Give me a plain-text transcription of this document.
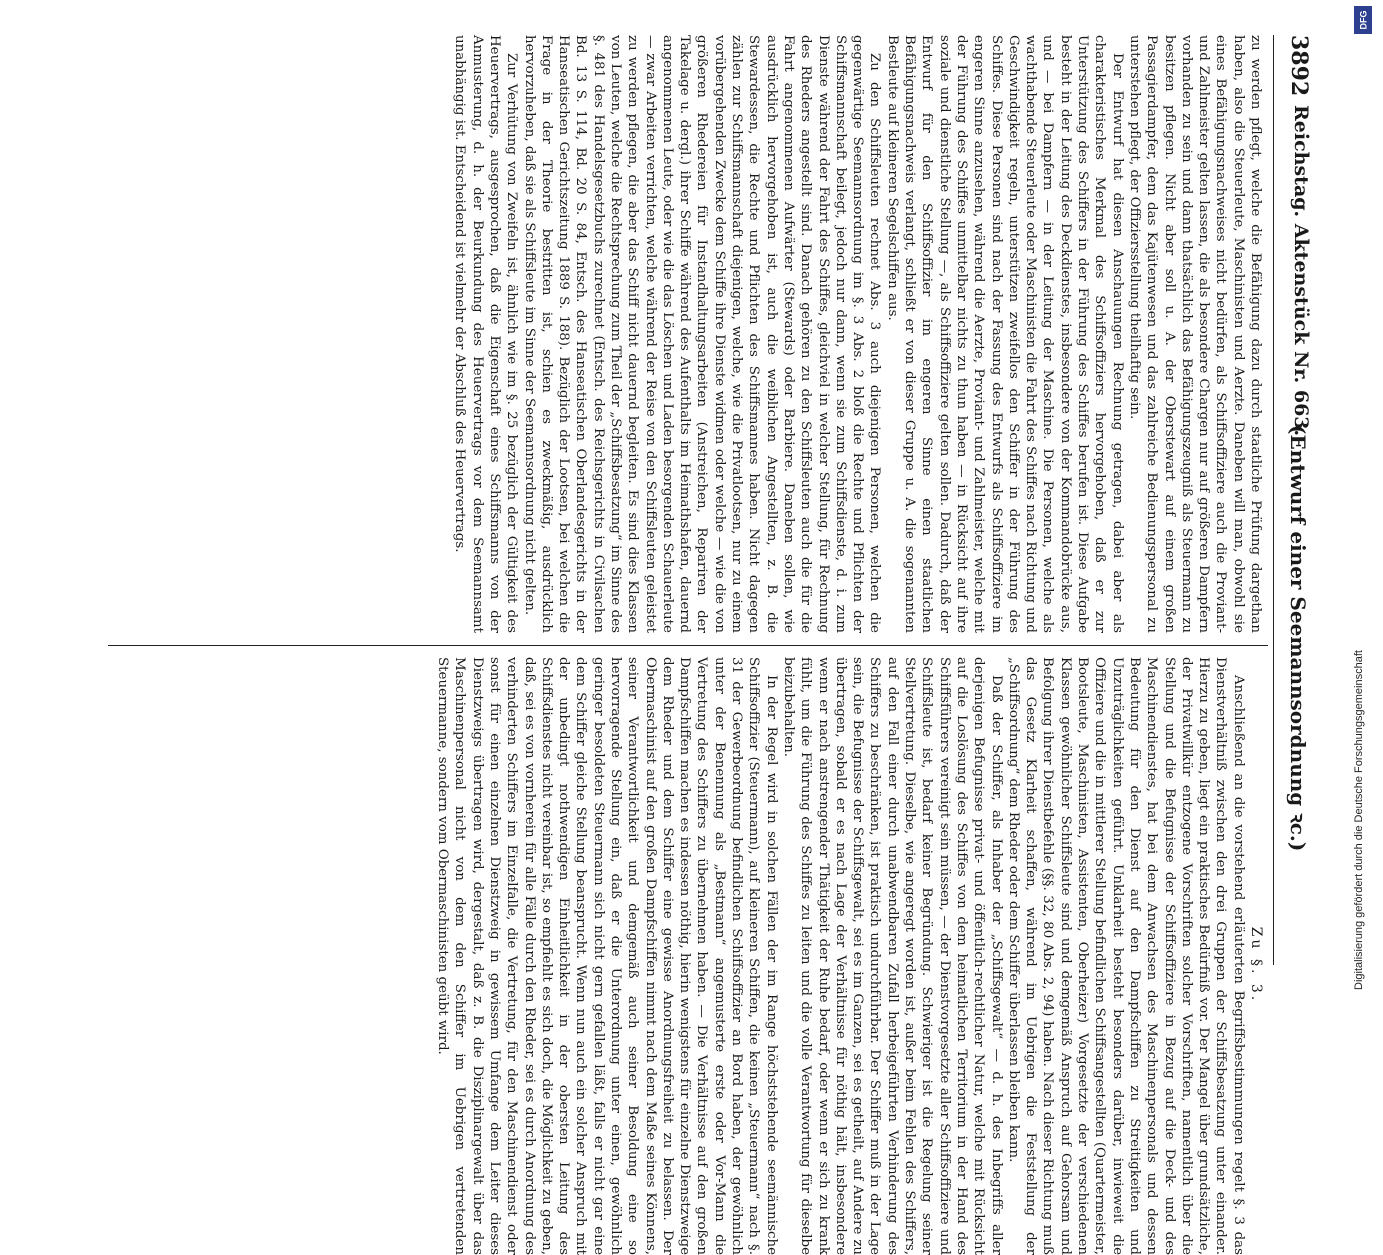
3892
Reichstag. Aktenstück Nr. 663.
(Entwurf einer Seemannsordnung ꝛc.)

zu werden pflegt, welche die Befähigung dazu durch staatliche Prüfung dargethan haben, also die Steuerleute, Maschinisten und Aerzte. Daneben will man, obwohl sie eines Befähigungsnachweises nicht bedürfen, als Schiffsoffiziere auch die Proviant- und Zahlmeister gelten lassen, die als besondere Chargen nur auf größeren Dampfern vorhanden zu sein und dann thatsächlich das Befähigungszeugniß als Steuermann zu besitzen pflegen. Nicht aber soll u. A. der Oberstewart auf einem großen Passagierdampfer, dem das Kajütenwesen und das zahlreiche Bedienungspersonal zu unterstehen pflegt, der Offiziersstellung theilhaftig sein.

Der Entwurf hat diesen Anschauungen Rechnung getragen, dabei aber als charakteristisches Merkmal des Schiffsoffiziers hervorgehoben, daß er zur Unterstützung des Schiffers in der Führung des Schiffes berufen ist. Diese Aufgabe besteht in der Leitung des Deckdienstes, insbesondere von der Kommandobrücke aus, und — bei Dampfern — in der Leitung der Maschine. Die Personen, welche als wachthabende Steuerleute oder Maschinisten die Fahrt des Schiffes nach Richtung und Geschwindigkeit regeln, unterstützen zweifellos den Schiffer in der Führung des Schiffes. Diese Personen sind nach der Fassung des Entwurfs als Schiffsoffiziere im engeren Sinne anzusehen, während die Aerzte, Proviant- und Zahlmeister, welche mit der Führung des Schiffes unmittelbar nichts zu thun haben — in Rücksicht auf ihre soziale und dienstliche Stellung —, als Schiffsoffiziere gelten sollen. Dadurch, daß der Entwurf für den Schiffsoffizier im engeren Sinne einen staatlichen Befähigungsnachweis verlangt, schließt er von dieser Gruppe u. A. die sogenannten Bestleute auf kleineren Segelschiffen aus.

Zu den Schiffsleuten rechnet Abs. 3 auch diejenigen Personen, welchen die gegenwärtige Seemannsordnung im §. 3 Abs. 2 bloß die Rechte und Pflichten der Schiffsmannschaft beilegt, jedoch nur dann, wenn sie zum Schiffsdienste, d. i. zum Dienste während der Fahrt des Schiffes, gleichviel in welcher Stellung, für Rechnung des Rheders angestellt sind. Danach gehören zu den Schiffsleuten auch die für die Fahrt angenommenen Aufwärter (Stewards) oder Barbiere. Daneben sollen, wie ausdrücklich hervorgehoben ist, auch die weiblichen Angestellten, z. B. die Stewardessen, die Rechte und Pflichten des Schiffsmannes haben. Nicht dagegen zählen zur Schiffsmannschaft diejenigen, welche, wie die Privatlootsen, nur zu einem vorübergehenden Zwecke dem Schiffe ihre Dienste widmen oder welche — wie die von größeren Rhedereien für Instandhaltungsarbeiten (Anstreichen, Repariren der Takelage u. dergl.) ihrer Schiffe während des Aufenthalts im Heimathshafen, dauernd angenommenen Leute, oder wie die das Löschen und Laden besorgenden Schauerleute — zwar Arbeiten verrichten, welche während der Reise von den Schiffsleuten geleistet zu werden pflegen, die aber das Schiff nicht dauernd begleiten. Es sind dies Klassen von Leuten, welche die Rechtsprechung zum Theil der „Schiffsbesatzung“ im Sinne des §. 481 des Handelsgesetzbuchs zurechnet (Entsch. des Reichsgerichts in Civilsachen Bd. 13 S. 114, Bd. 20 S. 84, Entsch. des Hanseatischen Oberlandesgerichts in der Hanseatischen Gerichtszeitung 1889 S. 188). Bezüglich der Lootsen, bei welchen die Frage in der Theorie bestritten ist, schien es zweckmäßig, ausdrücklich hervorzuheben, daß sie als Schiffsleute im Sinne der Seemannsordnung nicht gelten.

Zur Verhütung von Zweifeln ist, ähnlich wie im §. 25 bezüglich der Gültigkeit des Heuervertrags, ausgesprochen, daß die Eigenschaft eines Schiffsmanns von der Anmusterung, d. h. der Beurkundung des Heuervertrags vor dem Seemannsamt unabhängig ist. Entscheidend ist vielmehr der Abschluß des Heuervertrags.

Zu §. 3.

Anschließend an die vorstehend erläuterten Begriffsbestimmungen regelt §. 3 das Dienstverhältniß zwischen den drei Gruppen der Schiffsbesatzung unter einander. Hierzu zu geben, liegt ein praktisches Bedürfniß vor. Der Mangel über grundsätzliche, der Privatwillkür entzogene Vorschriften solcher Vorschriften, namentlich über die Stellung und die Befugnisse der Schiffsoffiziere in Bezug auf die Deck- und des Maschinendienstes, hat bei dem Anwachsen des Maschinenpersonals und dessen Bedeutung für den Dienst auf den Dampfschiffen zu Streitigkeiten und Unzuträglichkeiten geführt. Unklarheit besteht besonders darüber, inwieweit die Offiziere und die in mittlerer Stellung befindlichen Schiffsangestellten (Quartermeister, Bootsleute, Maschinisten, Assistenten, Oberheizer) Vorgesetzte der verschiedenen Klassen gewöhnlicher Schiffsleute sind und demgemäß Anspruch auf Gehorsam und Befolgung ihrer Dienstbefehle (§§. 32, 80 Abs. 2, 94) haben. Nach dieser Richtung muß das Gesetz Klarheit schaffen, während im Uebrigen die Feststellung der „Schiffsordnung“ dem Rheder oder dem Schiffer überlassen bleiben kann.

Daß der Schiffer, als Inhaber der „Schiffsgewalt“ — d. h. des Inbegriffs aller derjenigen Befugnisse privat- und öffentlich-rechtlicher Natur, welche mit Rücksicht auf die Loslösung des Schiffes von dem heimatlichen Territorium in der Hand des Schiffsführers vereinigt sein müssen, — der Dienstvorgesetzte aller Schiffsoffiziere und Schiffsleute ist, bedarf keiner Begründung. Schwieriger ist die Regelung seiner Stellvertretung. Dieselbe, wie angeregt worden ist, außer beim Fehlen des Schiffers, auf den Fall einer durch unabwendbaren Zufall herbeigeführten Verhinderung des Schiffers zu beschränken, ist praktisch undurchführbar. Der Schiffer muß in der Lage sein, die Befugnisse der Schiffsgewalt, sei es im Ganzen, sei es getheilt, auf Andere zu übertragen, sobald er es nach Lage der Verhältnisse für nöthig hält, insbesondere wenn er nach anstrengender Thätigkeit der Ruhe bedarf, oder wenn er sich zu krank fühlt, um die Führung des Schiffes zu leiten und die volle Verantwortung für dieselbe beizubehalten.

In der Regel wird in solchen Fällen der im Range höchststehende seemännische Schiffsoffizier (Steuermann), auf kleineren Schiffen, die keinen „Steuermann“ nach §. 31 der Gewerbeordnung befindlichen Schiffsoffizier an Bord haben, der gewöhnlich unter der Benennung als „Bestmann“ angemusterte erste oder Vor-Mann die Vertretung des Schiffers zu übernehmen haben. — Die Verhältnisse auf den großen Dampfschiffen machen es indessen nöthig, hierin wenigstens für einzelne Dienstzweige dem Rheder und dem Schiffer eine gewisse Anordnungsfreiheit zu belassen. Der Obermaschinist auf den großen Dampfschiffen nimmt nach dem Maße seines Könnens, seiner Verantwortlichkeit und demgemäß auch seiner Besoldung eine so hervorragende Stellung ein, daß er die Unterordnung unter einen, gewöhnlich geringer besoldeten Steuermann sich nicht gern gefallen läßt, falls er nicht gar eine dem Schiffer gleiche Stellung beansprucht. Wenn nun auch ein solcher Anspruch mit der unbedingt nothwendigen Einheitlichkeit in der obersten Leitung des Schiffsdienstes nicht vereinbar ist, so empfiehlt es sich doch, die Möglichkeit zu geben, daß, sei es von vornherein für alle Fälle durch den Rheder, sei es durch Anordnung des verhinderten Schiffers im Einzelfalle, die Vertretung, für den Maschinendienst oder sonst für einen einzelnen Dienstzweig in gewissem Umfange dem Leiter dieses Dienstzweigs übertragen wird, dergestalt, daß z. B. die Disziplinargewalt über das Maschinenpersonal nicht von dem den Schiffer im Uebrigen vertretenden Steuermanne, sondern vom Obermaschinisten geübt wird.

DFG
Digitalisierung gefördert durch die Deutsche Forschungsgemeinschaft
